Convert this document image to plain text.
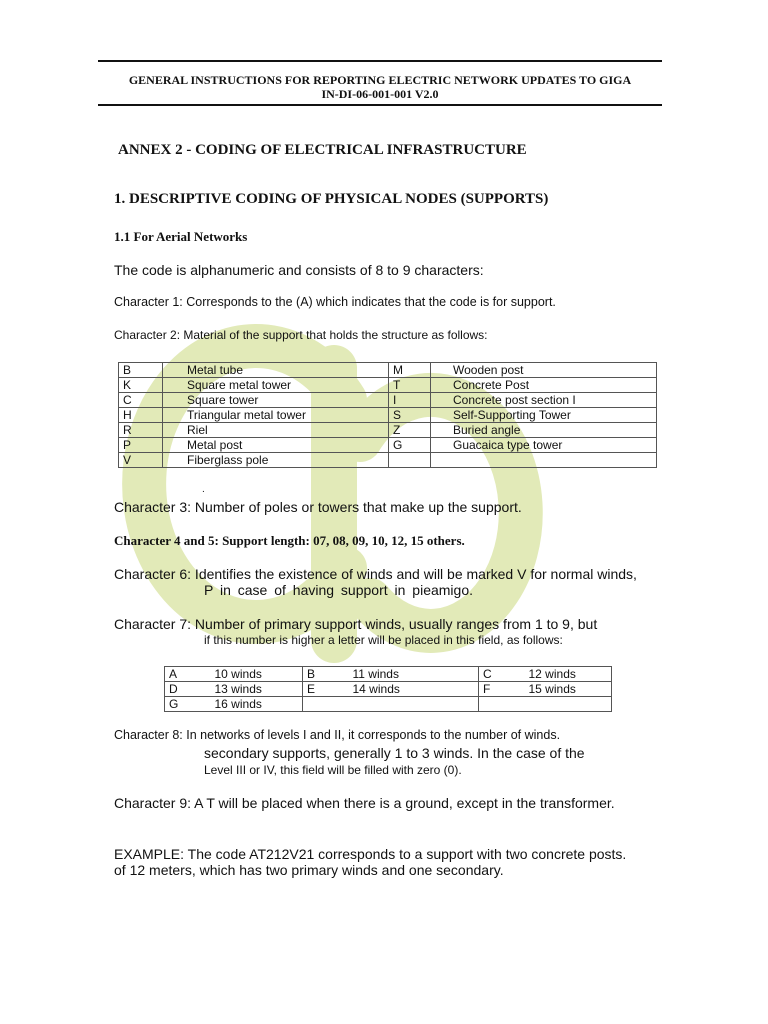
GENERAL INSTRUCTIONS FOR REPORTING ELECTRIC NETWORK UPDATES TO GIGA
IN-DI-06-001-001 V2.0
ANNEX 2 - CODING OF ELECTRICAL INFRASTRUCTURE
1. DESCRIPTIVE CODING OF PHYSICAL NODES (SUPPORTS)
1.1 For Aerial Networks
The code is alphanumeric and consists of 8 to 9 characters:
Character 1: Corresponds to the (A) which indicates that the code is for support.
Character 2: Material of the support that holds the structure as follows:
B	Metal tube	M	Wooden post
K	Square metal tower	T	Concrete Post
C	Square tower	I	Concrete post section I
H	Triangular metal tower	S	Self-Supporting Tower
R	Riel	Z	Buried angle
P	Metal post	G	Guacaica type tower
V	Fiberglass pole		
.
Character 3: Number of poles or towers that make up the support.
Character 4 and 5: Support length: 07, 08, 09, 10, 12, 15 others.
Character 6: Identifies the existence of winds and will be marked V for normal winds,
P in case of having support in pieamigo.
Character 7: Number of primary support winds, usually ranges from 1 to 9, but
if this number is higher a letter will be placed in this field, as follows:
A	10 winds	B	11 winds	C	12 winds
D	13 winds	E	14 winds	F	15 winds
G	16 winds				
Character 8: In networks of levels I and II, it corresponds to the number of winds.
secondary supports, generally 1 to 3 winds. In the case of the
Level III or IV, this field will be filled with zero (0).
Character 9: A T will be placed when there is a ground, except in the transformer.
EXAMPLE: The code AT212V21 corresponds to a support with two concrete posts.
of 12 meters, which has two primary winds and one secondary.
